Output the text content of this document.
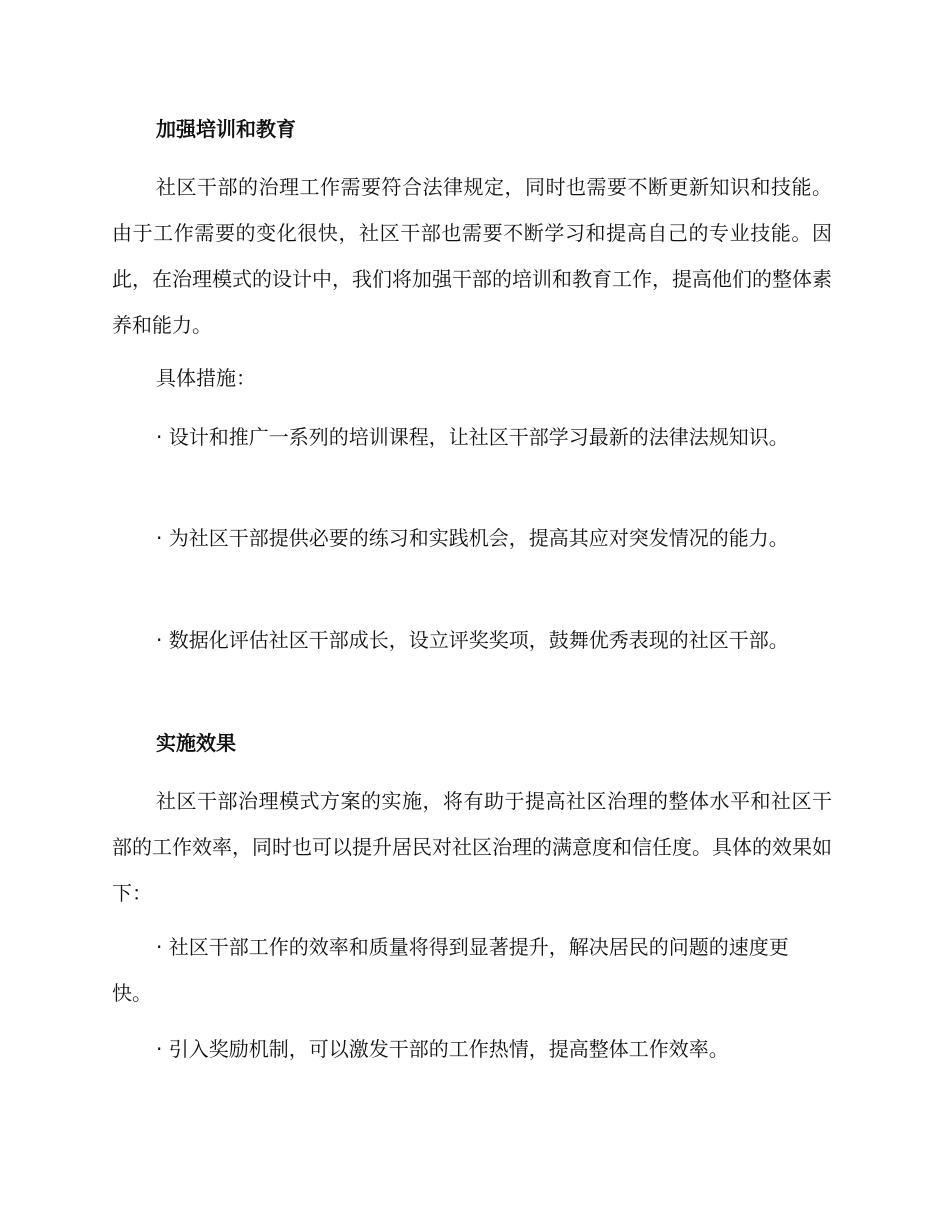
加强培训和教育

社区干部的治理工作需要符合法律规定，同时也需要不断更新知识和技能。由于工作需要的变化很快，社区干部也需要不断学习和提高自己的专业技能。因此，在治理模式的设计中，我们将加强干部的培训和教育工作，提高他们的整体素养和能力。

具体措施：

· 设计和推广一系列的培训课程，让社区干部学习最新的法律法规知识。

· 为社区干部提供必要的练习和实践机会，提高其应对突发情况的能力。

· 数据化评估社区干部成长，设立评奖奖项，鼓舞优秀表现的社区干部。

实施效果

社区干部治理模式方案的实施，将有助于提高社区治理的整体水平和社区干部的工作效率，同时也可以提升居民对社区治理的满意度和信任度。具体的效果如下：

· 社区干部工作的效率和质量将得到显著提升，解决居民的问题的速度更快。

· 引入奖励机制，可以激发干部的工作热情，提高整体工作效率。
